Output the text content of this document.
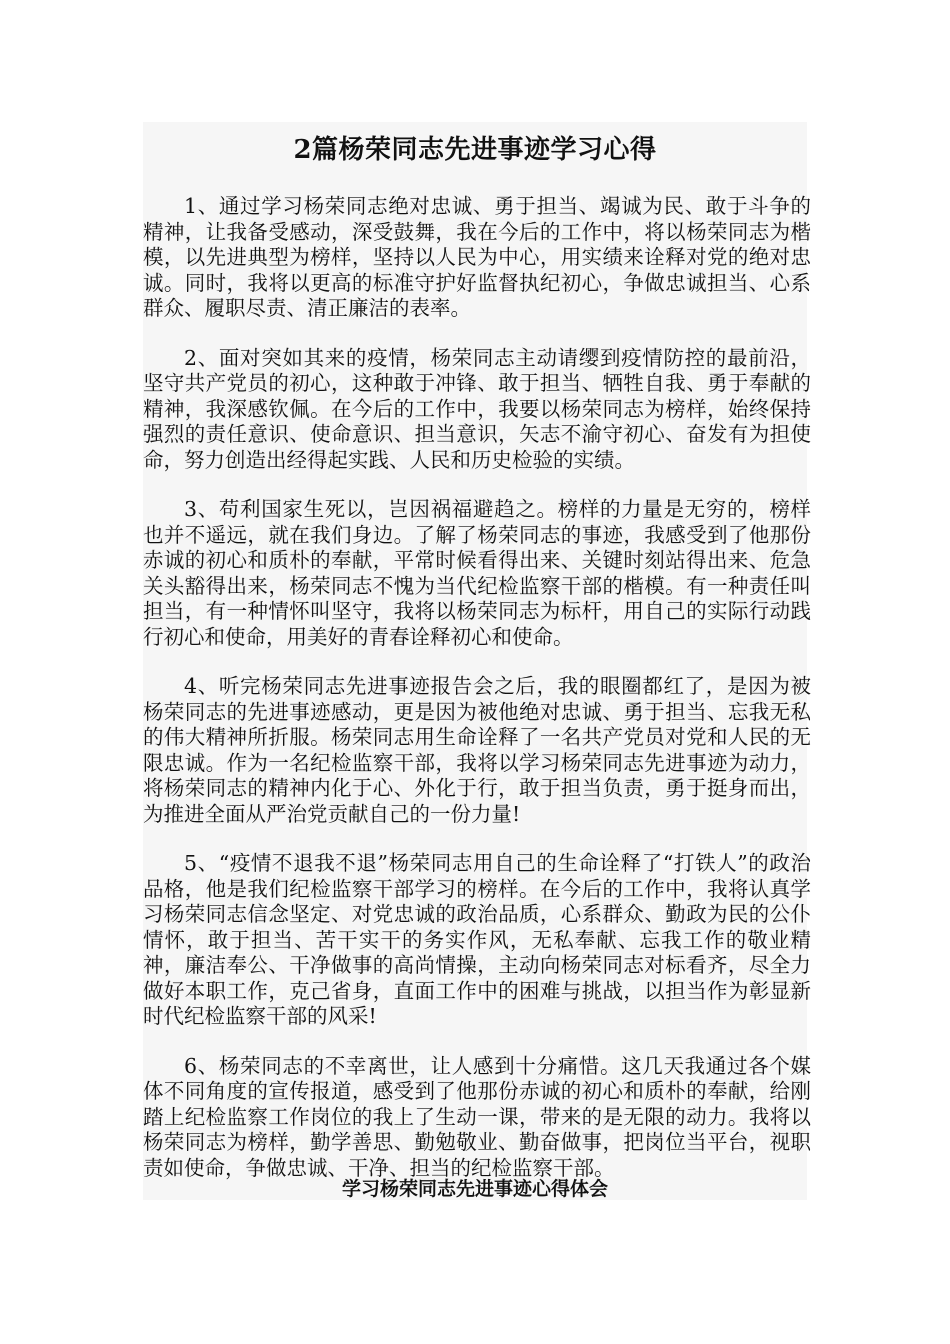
2篇杨荣同志先进事迹学习心得

1、通过学习杨荣同志绝对忠诚、勇于担当、竭诚为民、敢于斗争的精神，让我备受感动，深受鼓舞，我在今后的工作中，将以杨荣同志为楷模，以先进典型为榜样，坚持以人民为中心，用实绩来诠释对党的绝对忠诚。同时，我将以更高的标准守护好监督执纪初心，争做忠诚担当、心系群众、履职尽责、清正廉洁的表率。

2、面对突如其来的疫情，杨荣同志主动请缨到疫情防控的最前沿，坚守共产党员的初心，这种敢于冲锋、敢于担当、牺牲自我、勇于奉献的精神，我深感钦佩。在今后的工作中，我要以杨荣同志为榜样，始终保持强烈的责任意识、使命意识、担当意识，矢志不渝守初心、奋发有为担使命，努力创造出经得起实践、人民和历史检验的实绩。

3、苟利国家生死以，岂因祸福避趋之。榜样的力量是无穷的，榜样也并不遥远，就在我们身边。了解了杨荣同志的事迹，我感受到了他那份赤诚的初心和质朴的奉献，平常时候看得出来、关键时刻站得出来、危急关头豁得出来，杨荣同志不愧为当代纪检监察干部的楷模。有一种责任叫担当，有一种情怀叫坚守，我将以杨荣同志为标杆，用自己的实际行动践行初心和使命，用美好的青春诠释初心和使命。

4、听完杨荣同志先进事迹报告会之后，我的眼圈都红了，是因为被杨荣同志的先进事迹感动，更是因为被他绝对忠诚、勇于担当、忘我无私的伟大精神所折服。杨荣同志用生命诠释了一名共产党员对党和人民的无限忠诚。作为一名纪检监察干部，我将以学习杨荣同志先进事迹为动力，将杨荣同志的精神内化于心、外化于行，敢于担当负责，勇于挺身而出，为推进全面从严治党贡献自己的一份力量!

5、“疫情不退我不退”杨荣同志用自己的生命诠释了“打铁人”的政治品格，他是我们纪检监察干部学习的榜样。在今后的工作中，我将认真学习杨荣同志信念坚定、对党忠诚的政治品质，心系群众、勤政为民的公仆情怀，敢于担当、苦干实干的务实作风，无私奉献、忘我工作的敬业精神，廉洁奉公、干净做事的高尚情操，主动向杨荣同志对标看齐，尽全力做好本职工作，克己省身，直面工作中的困难与挑战，以担当作为彰显新时代纪检监察干部的风采!

6、杨荣同志的不幸离世，让人感到十分痛惜。这几天我通过各个媒体不同角度的宣传报道，感受到了他那份赤诚的初心和质朴的奉献，给刚踏上纪检监察工作岗位的我上了生动一课，带来的是无限的动力。我将以杨荣同志为榜样，勤学善思、勤勉敬业、勤奋做事，把岗位当平台，视职责如使命，争做忠诚、干净、担当的纪检监察干部。

学习杨荣同志先进事迹心得体会
